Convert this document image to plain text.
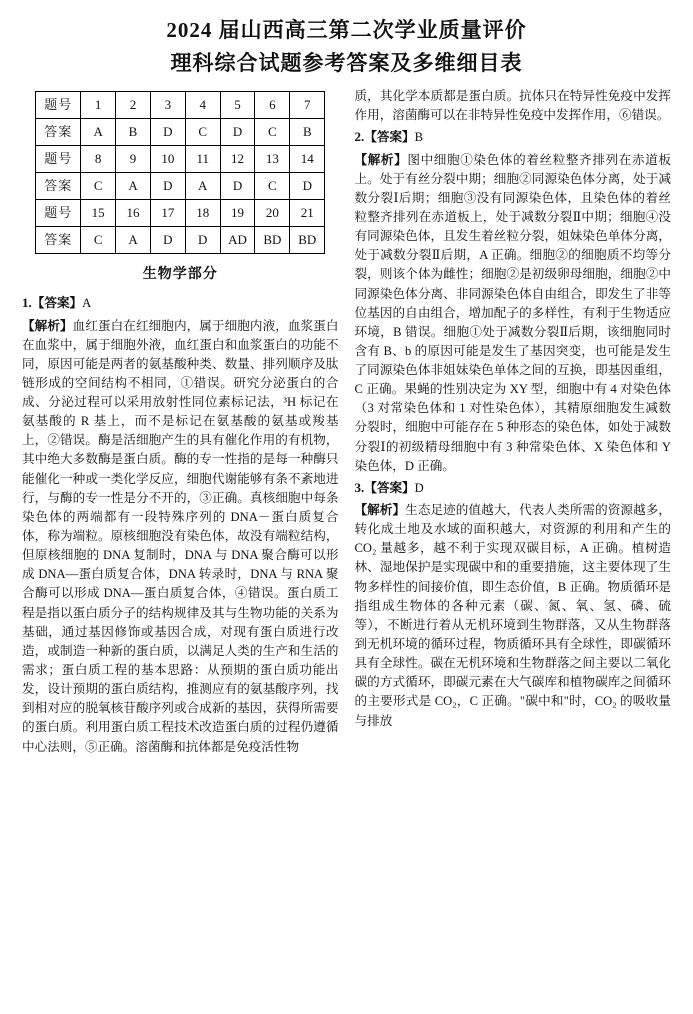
2024 届山西高三第二次学业质量评价
理科综合试题参考答案及多维细目表
题号	1	2	3	4	5	6	7
答案	A	B	D	C	D	C	B
题号	8	9	10	11	12	13	14
答案	C	A	D	A	D	C	D
题号	15	16	17	18	19	20	21
答案	C	A	D	D	AD	BD	BD
生物学部分
1.【答案】A
【解析】血红蛋白在红细胞内，属于细胞内液，血浆蛋白在血浆中，属于细胞外液，血红蛋白和血浆蛋白的功能不同，原因可能是两者的氨基酸种类、数量、排列顺序及肽链形成的空间结构不相同，①错误。研究分泌蛋白的合成、分泌过程可以采用放射性同位素标记法，³H 标记在氨基酸的 R 基上，而不是标记在氨基酸的氨基或羧基上，②错误。酶是活细胞产生的具有催化作用的有机物，其中绝大多数酶是蛋白质。酶的专一性指的是每一种酶只能催化一种或一类化学反应，细胞代谢能够有条不紊地进行，与酶的专一性是分不开的，③正确。真核细胞中每条染色体的两端都有一段特殊序列的 DNA－蛋白质复合体，称为端粒。原核细胞没有染色体，故没有端粒结构，但原核细胞的 DNA 复制时，DNA 与 DNA 聚合酶可以形成 DNA—蛋白质复合体，DNA 转录时，DNA 与 RNA 聚合酶可以形成 DNA—蛋白质复合体，④错误。蛋白质工程是指以蛋白质分子的结构规律及其与生物功能的关系为基础，通过基因修饰或基因合成，对现有蛋白质进行改造，或制造一种新的蛋白质，以满足人类的生产和生活的需求；蛋白质工程的基本思路：从预期的蛋白质功能出发，设计预期的蛋白质结构，推测应有的氨基酸序列，找到相对应的脱氧核苷酸序列或合成新的基因，获得所需要的蛋白质。利用蛋白质工程技术改造蛋白质的过程仍遵循中心法则，⑤正确。溶菌酶和抗体都是免疫活性物
质，其化学本质都是蛋白质。抗体只在特异性免疫中发挥作用，溶菌酶可以在非特异性免疫中发挥作用，⑥错误。
2.【答案】B
【解析】图中细胞①染色体的着丝粒整齐排列在赤道板上。处于有丝分裂中期；细胞②同源染色体分离，处于减数分裂Ⅰ后期；细胞③没有同源染色体，且染色体的着丝粒整齐排列在赤道板上，处于减数分裂Ⅱ中期；细胞④没有同源染色体，且发生着丝粒分裂，姐妹染色单体分离，处于减数分裂Ⅱ后期，A 正确。细胞②的细胞质不均等分裂，则该个体为雌性；细胞②是初级卵母细胞，细胞②中同源染色体分离、非同源染色体自由组合，即发生了非等位基因的自由组合，增加配子的多样性，有利于生物适应环境，B 错误。细胞①处于减数分裂Ⅱ后期，该细胞同时含有 B、b 的原因可能是发生了基因突变，也可能是发生了同源染色体非姐妹染色单体之间的互换，即基因重组，C 正确。果蝇的性别决定为 XY 型，细胞中有 4 对染色体（3 对常染色体和 1 对性染色体），其精原细胞发生减数分裂时，细胞中可能存在 5 种形态的染色体，如处于减数分裂Ⅰ的初级精母细胞中有 3 种常染色体、X 染色体和 Y 染色体，D 正确。
3.【答案】D
【解析】生态足迹的值越大，代表人类所需的资源越多，转化成土地及水域的面积越大，对资源的利用和产生的 CO₂ 量越多，越不利于实现双碳目标，A 正确。植树造林、湿地保护是实现碳中和的重要措施，这主要体现了生物多样性的间接价值，即生态价值，B 正确。物质循环是指组成生物体的各种元素（碳、氮、氧、氢、磷、硫等），不断进行着从无机环境到生物群落，又从生物群落到无机环境的循环过程，物质循环具有全球性，即碳循环具有全球性。碳在无机环境和生物群落之间主要以二氧化碳的方式循环，即碳元素在大气碳库和植物碳库之间循环的主要形式是 CO₂，C 正确。"碳中和"时，CO₂ 的吸收量与排放
